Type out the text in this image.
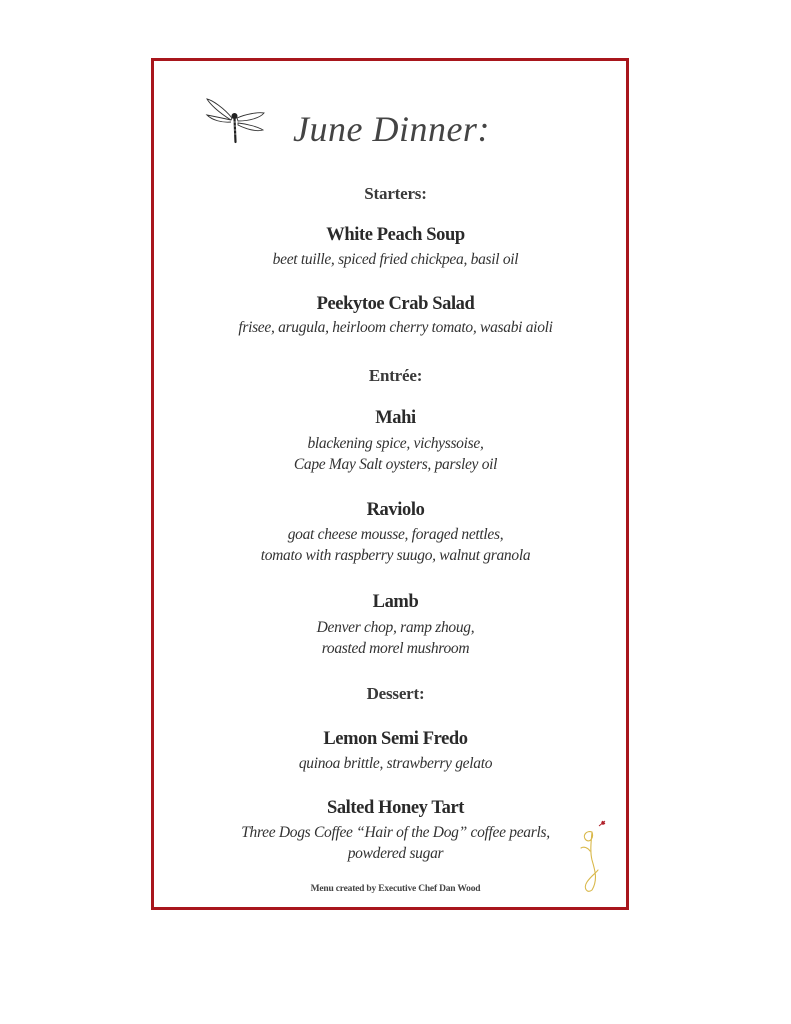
June Dinner:
Starters:
White Peach Soup
beet tuille, spiced fried chickpea, basil oil
Peekytoe Crab Salad
frisee, arugula, heirloom cherry tomato, wasabi aioli
Entrée:
Mahi
blackening spice, vichyssoise,
Cape May Salt oysters, parsley oil
Raviolo
goat cheese mousse, foraged nettles,
tomato with raspberry suugo, walnut granola
Lamb
Denver chop, ramp zhoug,
roasted morel mushroom
Dessert:
Lemon Semi Fredo
quinoa brittle, strawberry gelato
Salted Honey Tart
Three Dogs Coffee “Hair of the Dog” coffee pearls,
powdered sugar
Menu created by Executive Chef Dan Wood
